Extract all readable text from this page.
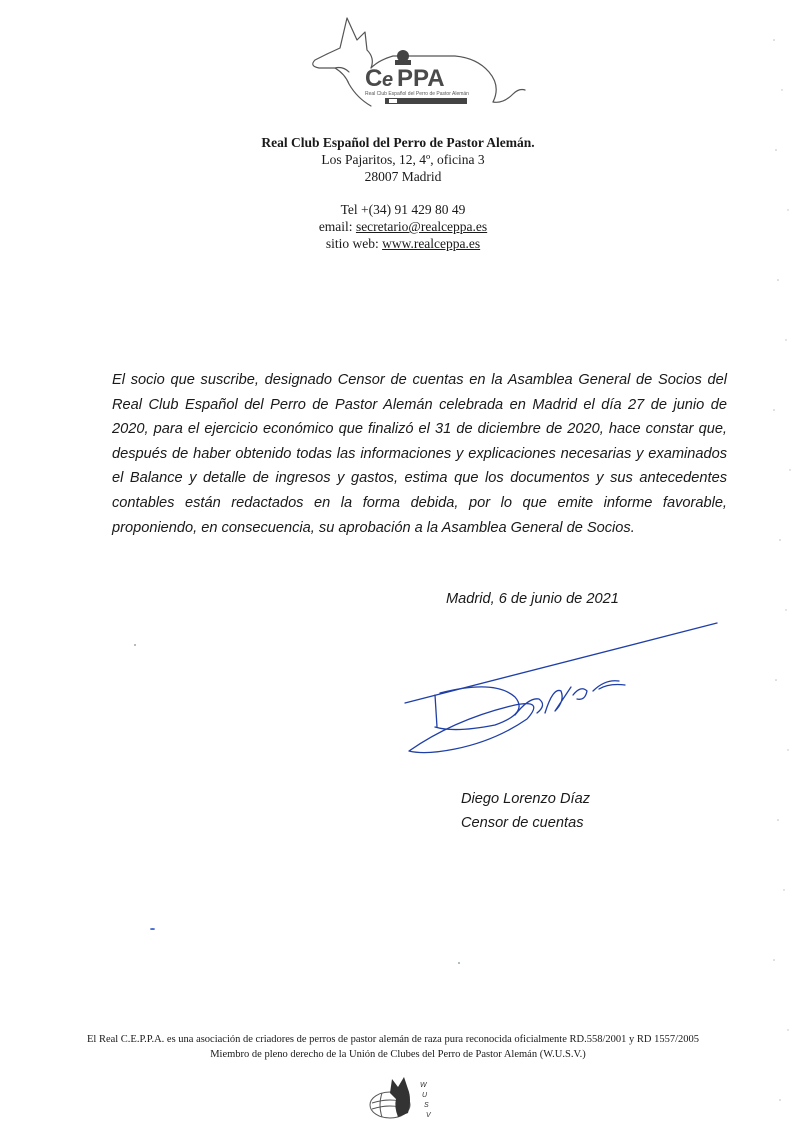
C e PPA
Real Club Español del Perro de Pastor Alemán
Real Club Español del Perro de Pastor Alemán.
Los Pajaritos, 12, 4º, oficina 3
28007 Madrid
Tel +(34) 91 429 80 49
email: secretario@realceppa.es
sitio web: www.realceppa.es

El socio que suscribe, designado Censor de cuentas en la Asamblea General de Socios del Real Club Español del Perro de Pastor Alemán celebrada en Madrid el día 27 de junio de 2020, para el ejercicio económico que finalizó el 31 de diciembre de 2020, hace constar que, después de haber obtenido todas las informaciones y explicaciones necesarias y examinados el Balance y detalle de ingresos y gastos, estima que los documentos y sus antecedentes contables están redactados en la forma debida, por lo que emite informe favorable, proponiendo, en consecuencia, su aprobación a la Asamblea General de Socios.

Madrid, 6 de junio de 2021
Diego Lorenzo Díaz
Censor de cuentas
El Real C.E.P.P.A. es una asociación de criadores de perros de pastor alemán de raza pura reconocida oficialmente RD.558/2001 y RD 1557/2005
Miembro de pleno derecho de la Unión de Clubes del Perro de Pastor Alemán (W.U.S.V.)
W
U
S
V
